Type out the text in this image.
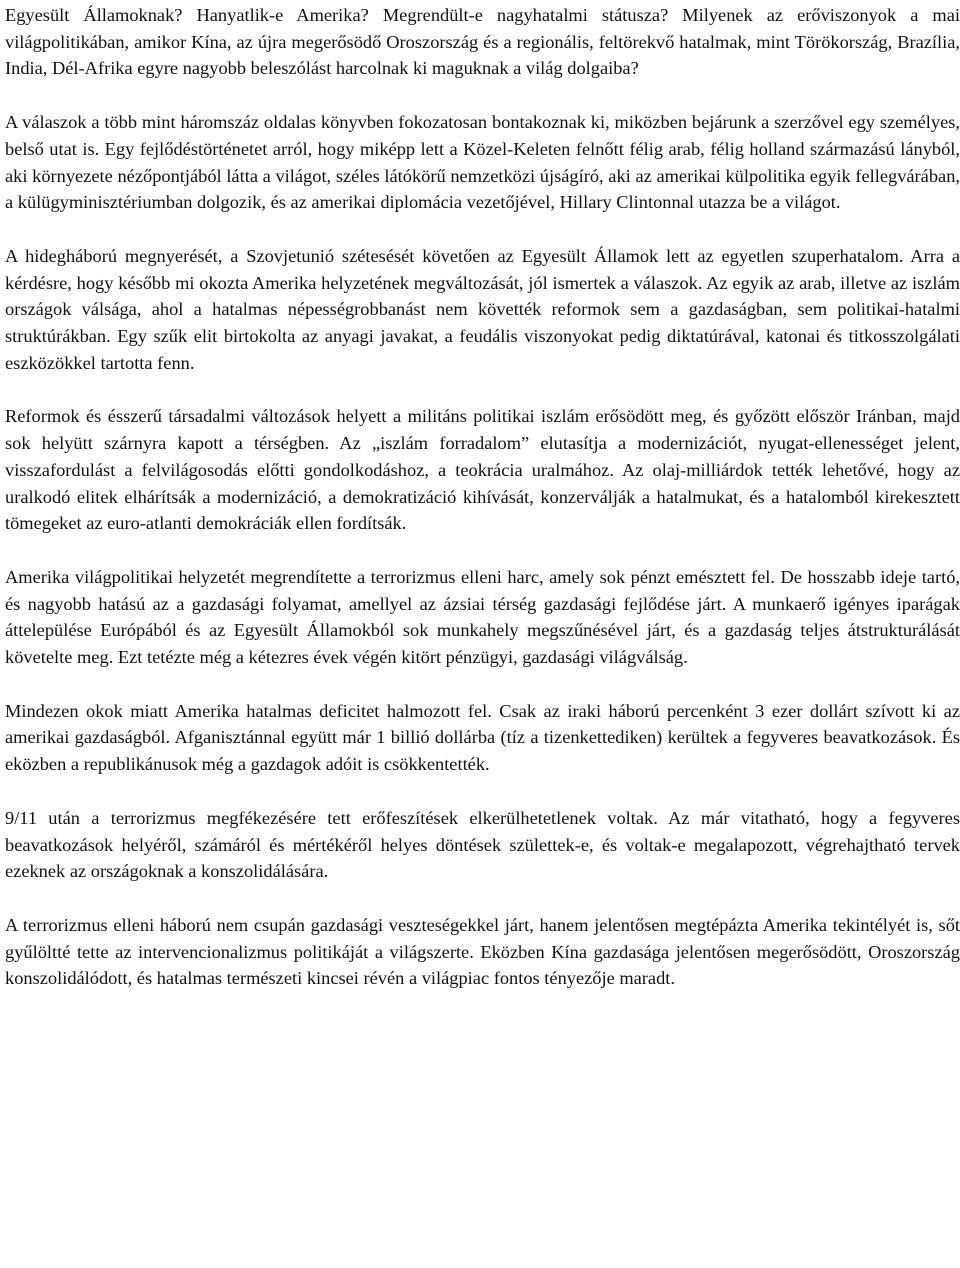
Egyesült Államoknak? Hanyatlik-e Amerika? Megrendült-e nagyhatalmi státusza? Milyenek az erőviszonyok a mai világpolitikában, amikor Kína, az újra megerősödő Oroszország és a regionális, feltörekvő hatalmak, mint Törökország, Brazília, India, Dél-Afrika egyre nagyobb beleszólást harcolnak ki maguknak a világ dolgaiba?

A válaszok a több mint háromszáz oldalas könyvben fokozatosan bontakoznak ki, miközben bejárunk a szerzővel egy személyes, belső utat is. Egy fejlődéstörténetet arról, hogy miképp lett a Közel-Keleten felnőtt félig arab, félig holland származású lányból, aki környezete nézőpontjából látta a világot, széles látókörű nemzetközi újságíró, aki az amerikai külpolitika egyik fellegvárában, a külügyminisztériumban dolgozik, és az amerikai diplomácia vezetőjével, Hillary Clintonnal utazza be a világot.

A hidegháború megnyerését, a Szovjetunió szétesését követően az Egyesült Államok lett az egyetlen szuperhatalom. Arra a kérdésre, hogy később mi okozta Amerika helyzetének megváltozását, jól ismertek a válaszok. Az egyik az arab, illetve az iszlám országok válsága, ahol a hatalmas népességrobbanást nem követték reformok sem a gazdaságban, sem politikai-hatalmi struktúrákban. Egy szűk elit birtokolta az anyagi javakat, a feudális viszonyokat pedig diktatúrával, katonai és titkosszolgálati eszközökkel tartotta fenn.

Reformok és ésszerű társadalmi változások helyett a militáns politikai iszlám erősödött meg, és győzött először Iránban, majd sok helyütt szárnyra kapott a térségben. Az „iszlám forradalom” elutasítja a modernizációt, nyugat-ellenességet jelent, visszafordulást a felvilágosodás előtti gondolkodáshoz, a teokrácia uralmához. Az olaj-milliárdok tették lehetővé, hogy az uralkodó elitek elhárítsák a modernizáció, a demokratizáció kihívását, konzerválják a hatalmukat, és a hatalomból kirekesztett tömegeket az euro-atlanti demokráciák ellen fordítsák.

Amerika világpolitikai helyzetét megrendítette a terrorizmus elleni harc, amely sok pénzt emésztett fel. De hosszabb ideje tartó, és nagyobb hatású az a gazdasági folyamat, amellyel az ázsiai térség gazdasági fejlődése járt. A munkaerő igényes iparágak áttelepülése Európából és az Egyesült Államokból sok munkahely megszűnésével járt, és a gazdaság teljes átstrukturálását követelte meg. Ezt tetézte még a kétezres évek végén kitört pénzügyi, gazdasági világválság.

Mindezen okok miatt Amerika hatalmas deficitet halmozott fel. Csak az iraki háború percenként 3 ezer dollárt szívott ki az amerikai gazdaságból. Afganisztánnal együtt már 1 billió dollárba (tíz a tizenkettediken) kerültek a fegyveres beavatkozások. És eközben a republikánusok még a gazdagok adóit is csökkentették.

9/11 után a terrorizmus megfékezésére tett erőfeszítések elkerülhetetlenek voltak. Az már vitatható, hogy a fegyveres beavatkozások helyéről, számáról és mértékéről helyes döntések születtek-e, és voltak-e megalapozott, végrehajtható tervek ezeknek az országoknak a konszolidálására.

A terrorizmus elleni háború nem csupán gazdasági veszteségekkel járt, hanem jelentősen megtépázta Amerika tekintélyét is, sőt gyűlöltté tette az intervencionalizmus politikáját a világszerte. Eközben Kína gazdasága jelentősen megerősödött, Oroszország konszolidálódott, és hatalmas természeti kincsei révén a világpiac fontos tényezője maradt.
